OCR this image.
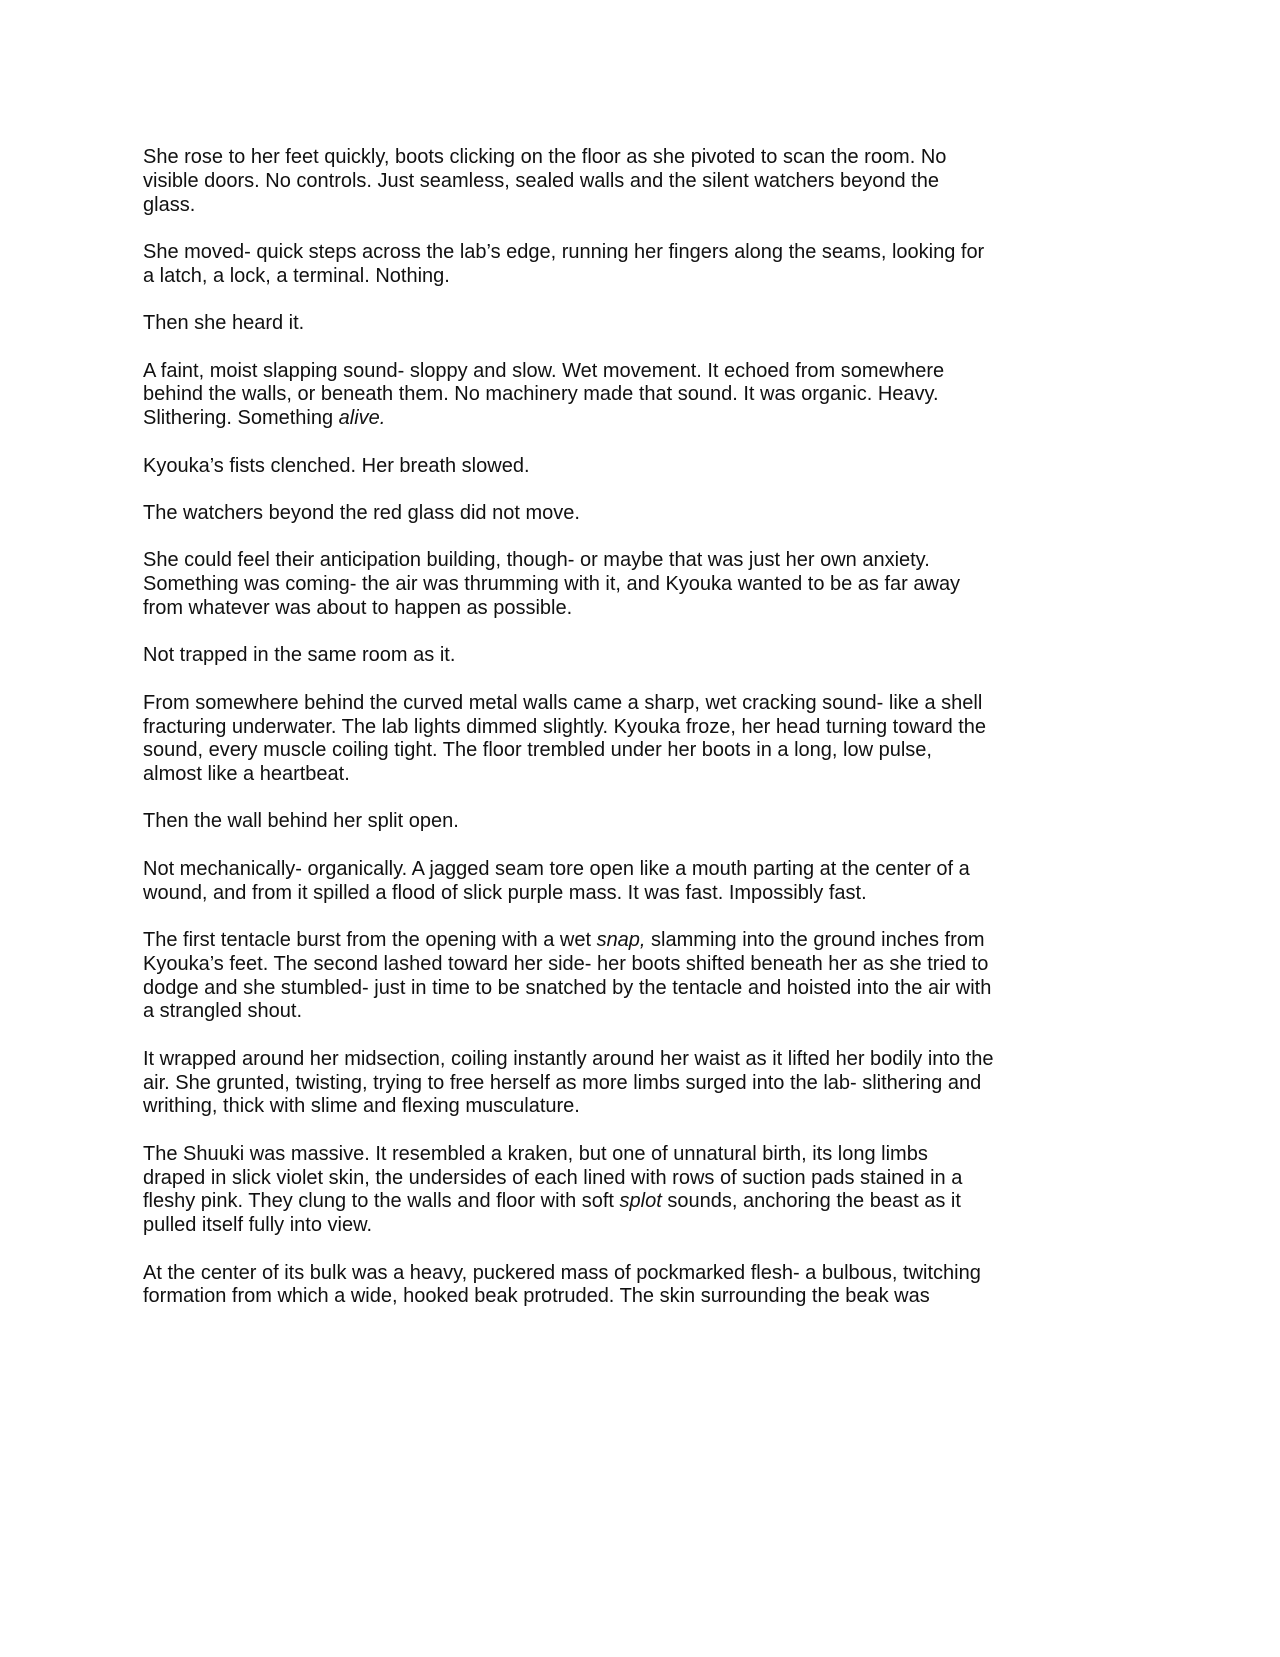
She rose to her feet quickly, boots clicking on the floor as she pivoted to scan the room. No
visible doors. No controls. Just seamless, sealed walls and the silent watchers beyond the
glass.

She moved- quick steps across the lab’s edge, running her fingers along the seams, looking for
a latch, a lock, a terminal. Nothing.

Then she heard it.

A faint, moist slapping sound- sloppy and slow. Wet movement. It echoed from somewhere
behind the walls, or beneath them. No machinery made that sound. It was organic. Heavy.
Slithering. Something alive.

Kyouka’s fists clenched. Her breath slowed.

The watchers beyond the red glass did not move.

She could feel their anticipation building, though- or maybe that was just her own anxiety.
Something was coming- the air was thrumming with it, and Kyouka wanted to be as far away
from whatever was about to happen as possible.

Not trapped in the same room as it.

From somewhere behind the curved metal walls came a sharp, wet cracking sound- like a shell
fracturing underwater. The lab lights dimmed slightly. Kyouka froze, her head turning toward the
sound, every muscle coiling tight. The floor trembled under her boots in a long, low pulse,
almost like a heartbeat.

Then the wall behind her split open.

Not mechanically- organically. A jagged seam tore open like a mouth parting at the center of a
wound, and from it spilled a flood of slick purple mass. It was fast. Impossibly fast.

The first tentacle burst from the opening with a wet snap, slamming into the ground inches from
Kyouka’s feet. The second lashed toward her side- her boots shifted beneath her as she tried to
dodge and she stumbled- just in time to be snatched by the tentacle and hoisted into the air with
a strangled shout.

It wrapped around her midsection, coiling instantly around her waist as it lifted her bodily into the
air. She grunted, twisting, trying to free herself as more limbs surged into the lab- slithering and
writhing, thick with slime and flexing musculature.

The Shuuki was massive. It resembled a kraken, but one of unnatural birth, its long limbs
draped in slick violet skin, the undersides of each lined with rows of suction pads stained in a
fleshy pink. They clung to the walls and floor with soft splot sounds, anchoring the beast as it
pulled itself fully into view.

At the center of its bulk was a heavy, puckered mass of pockmarked flesh- a bulbous, twitching
formation from which a wide, hooked beak protruded. The skin surrounding the beak was
